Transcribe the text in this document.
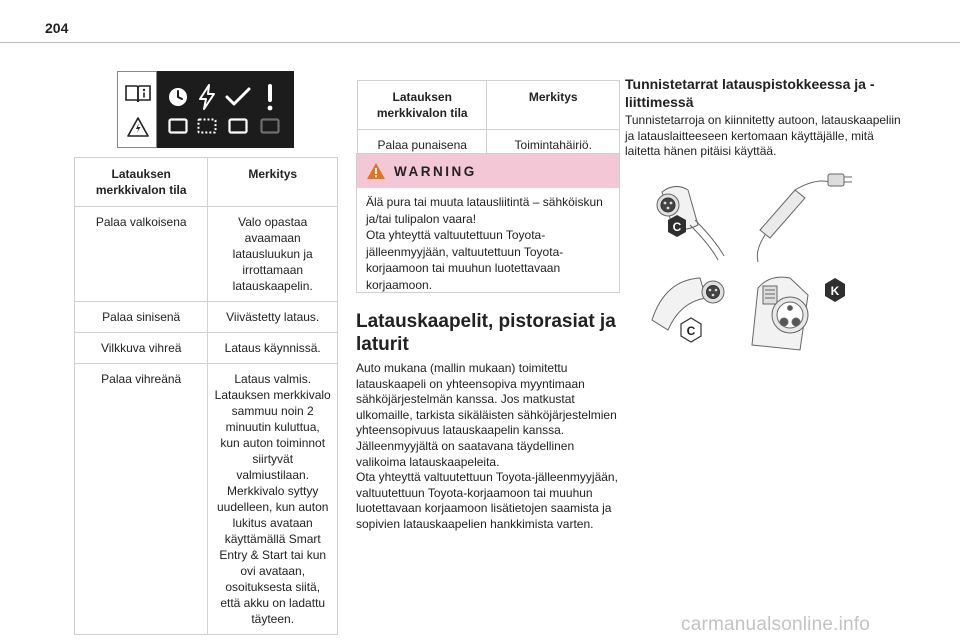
204
Latauksen merkkivalon tila	Merkitys
Palaa valkoisena	Valo opastaa avaamaan latausluukun ja irrottamaan latauskaapelin.
Palaa sinisenä	Viivästetty lataus.
Vilkkuva vihreä	Lataus käynnissä.
Palaa vihreänä	Lataus valmis. Latauksen merkkivalo sammuu noin 2 minuutin kuluttua, kun auton toiminnot siirtyvät valmiustilaan. Merkkivalo syttyy uudelleen, kun auton lukitus avataan käyttämällä Smart Entry & Start tai kun ovi avataan, osoituksesta siitä, että akku on ladattu täyteen.
Latauksen merkkivalon tila	Merkitys
Palaa punaisena	Toimintahäiriö.
WARNING
Älä pura tai muuta latausliitintä – sähköiskun ja/tai tulipalon vaara!
Ota yhteyttä valtuutettuun Toyota-jälleenmyyjään, valtuutettuun Toyota-korjaamoon tai muuhun luotettavaan korjaamoon.
Latauskaapelit, pistorasiat ja laturit
Auto mukana (mallin mukaan) toimitettu latauskaapeli on yhteensopiva myyntimaan sähköjärjestelmän kanssa. Jos matkustat ulkomaille, tarkista sikäläisten sähköjärjestelmien yhteensopivuus latauskaapelin kanssa.
Jälleenmyyjältä on saatavana täydellinen valikoima latauskaapeleita.
Ota yhteyttä valtuutettuun Toyota-jälleenmyyjään, valtuutettuun Toyota-korjaamoon tai muuhun luotettavaan korjaamoon lisätietojen saamista ja sopivien latauskaapelien hankkimista varten.
Tunnistetarrat latauspistokkeessa ja -liittimessä
Tunnistetarroja on kiinnitetty autoon, latauskaapeliin ja latauslaitteeseen kertomaan käyttäjälle, mitä laitetta hänen pitäisi käyttää.
C
C
K
carmanualsonline.info
